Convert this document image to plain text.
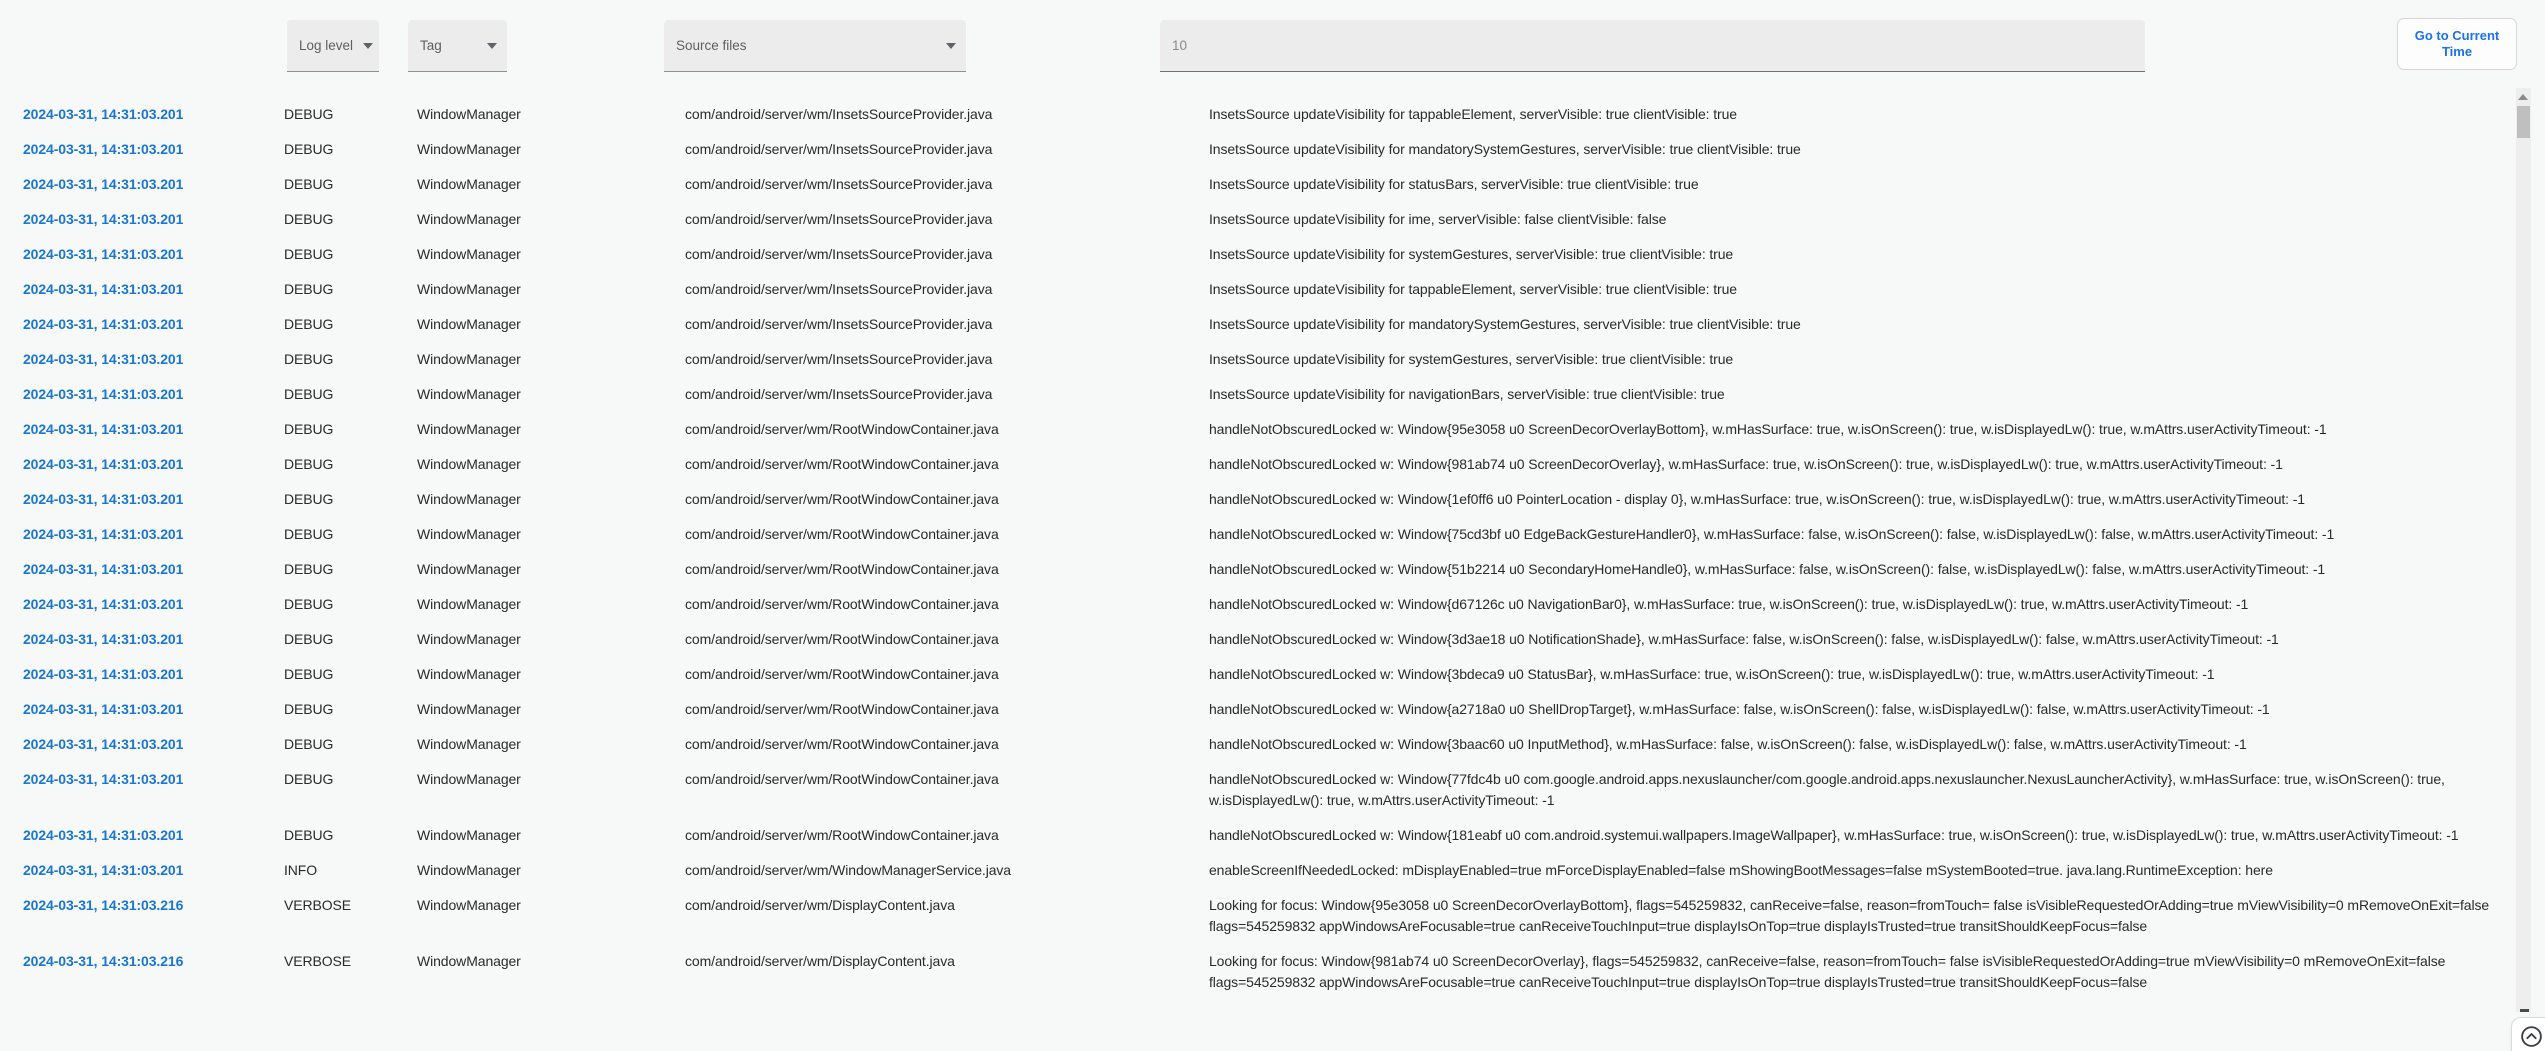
Log level	Tag	Source files
10
Go to Current Time
2024-03-31, 14:31:03.201	DEBUG	WindowManager	com/android/server/wm/InsetsSourceProvider.java	InsetsSource updateVisibility for tappableElement, serverVisible: true clientVisible: true
2024-03-31, 14:31:03.201	DEBUG	WindowManager	com/android/server/wm/InsetsSourceProvider.java	InsetsSource updateVisibility for mandatorySystemGestures, serverVisible: true clientVisible: true
2024-03-31, 14:31:03.201	DEBUG	WindowManager	com/android/server/wm/InsetsSourceProvider.java	InsetsSource updateVisibility for statusBars, serverVisible: true clientVisible: true
2024-03-31, 14:31:03.201	DEBUG	WindowManager	com/android/server/wm/InsetsSourceProvider.java	InsetsSource updateVisibility for ime, serverVisible: false clientVisible: false
2024-03-31, 14:31:03.201	DEBUG	WindowManager	com/android/server/wm/InsetsSourceProvider.java	InsetsSource updateVisibility for systemGestures, serverVisible: true clientVisible: true
2024-03-31, 14:31:03.201	DEBUG	WindowManager	com/android/server/wm/InsetsSourceProvider.java	InsetsSource updateVisibility for tappableElement, serverVisible: true clientVisible: true
2024-03-31, 14:31:03.201	DEBUG	WindowManager	com/android/server/wm/InsetsSourceProvider.java	InsetsSource updateVisibility for mandatorySystemGestures, serverVisible: true clientVisible: true
2024-03-31, 14:31:03.201	DEBUG	WindowManager	com/android/server/wm/InsetsSourceProvider.java	InsetsSource updateVisibility for systemGestures, serverVisible: true clientVisible: true
2024-03-31, 14:31:03.201	DEBUG	WindowManager	com/android/server/wm/InsetsSourceProvider.java	InsetsSource updateVisibility for navigationBars, serverVisible: true clientVisible: true
2024-03-31, 14:31:03.201	DEBUG	WindowManager	com/android/server/wm/RootWindowContainer.java	handleNotObscuredLocked w: Window{95e3058 u0 ScreenDecorOverlayBottom}, w.mHasSurface: true, w.isOnScreen(): true, w.isDisplayedLw(): true, w.mAttrs.userActivityTimeout: -1
2024-03-31, 14:31:03.201	DEBUG	WindowManager	com/android/server/wm/RootWindowContainer.java	handleNotObscuredLocked w: Window{981ab74 u0 ScreenDecorOverlay}, w.mHasSurface: true, w.isOnScreen(): true, w.isDisplayedLw(): true, w.mAttrs.userActivityTimeout: -1
2024-03-31, 14:31:03.201	DEBUG	WindowManager	com/android/server/wm/RootWindowContainer.java	handleNotObscuredLocked w: Window{1ef0ff6 u0 PointerLocation - display 0}, w.mHasSurface: true, w.isOnScreen(): true, w.isDisplayedLw(): true, w.mAttrs.userActivityTimeout: -1
2024-03-31, 14:31:03.201	DEBUG	WindowManager	com/android/server/wm/RootWindowContainer.java	handleNotObscuredLocked w: Window{75cd3bf u0 EdgeBackGestureHandler0}, w.mHasSurface: false, w.isOnScreen(): false, w.isDisplayedLw(): false, w.mAttrs.userActivityTimeout: -1
2024-03-31, 14:31:03.201	DEBUG	WindowManager	com/android/server/wm/RootWindowContainer.java	handleNotObscuredLocked w: Window{51b2214 u0 SecondaryHomeHandle0}, w.mHasSurface: false, w.isOnScreen(): false, w.isDisplayedLw(): false, w.mAttrs.userActivityTimeout: -1
2024-03-31, 14:31:03.201	DEBUG	WindowManager	com/android/server/wm/RootWindowContainer.java	handleNotObscuredLocked w: Window{d67126c u0 NavigationBar0}, w.mHasSurface: true, w.isOnScreen(): true, w.isDisplayedLw(): true, w.mAttrs.userActivityTimeout: -1
2024-03-31, 14:31:03.201	DEBUG	WindowManager	com/android/server/wm/RootWindowContainer.java	handleNotObscuredLocked w: Window{3d3ae18 u0 NotificationShade}, w.mHasSurface: false, w.isOnScreen(): false, w.isDisplayedLw(): false, w.mAttrs.userActivityTimeout: -1
2024-03-31, 14:31:03.201	DEBUG	WindowManager	com/android/server/wm/RootWindowContainer.java	handleNotObscuredLocked w: Window{3bdeca9 u0 StatusBar}, w.mHasSurface: true, w.isOnScreen(): true, w.isDisplayedLw(): true, w.mAttrs.userActivityTimeout: -1
2024-03-31, 14:31:03.201	DEBUG	WindowManager	com/android/server/wm/RootWindowContainer.java	handleNotObscuredLocked w: Window{a2718a0 u0 ShellDropTarget}, w.mHasSurface: false, w.isOnScreen(): false, w.isDisplayedLw(): false, w.mAttrs.userActivityTimeout: -1
2024-03-31, 14:31:03.201	DEBUG	WindowManager	com/android/server/wm/RootWindowContainer.java	handleNotObscuredLocked w: Window{3baac60 u0 InputMethod}, w.mHasSurface: false, w.isOnScreen(): false, w.isDisplayedLw(): false, w.mAttrs.userActivityTimeout: -1
2024-03-31, 14:31:03.201	DEBUG	WindowManager	com/android/server/wm/RootWindowContainer.java	handleNotObscuredLocked w: Window{77fdc4b u0 com.google.android.apps.nexuslauncher/com.google.android.apps.nexuslauncher.NexusLauncherActivity}, w.mHasSurface: true, w.isOnScreen(): true, w.isDisplayedLw(): true, w.mAttrs.userActivityTimeout: -1
2024-03-31, 14:31:03.201	DEBUG	WindowManager	com/android/server/wm/RootWindowContainer.java	handleNotObscuredLocked w: Window{181eabf u0 com.android.systemui.wallpapers.ImageWallpaper}, w.mHasSurface: true, w.isOnScreen(): true, w.isDisplayedLw(): true, w.mAttrs.userActivityTimeout: -1
2024-03-31, 14:31:03.201	INFO	WindowManager	com/android/server/wm/WindowManagerService.java	enableScreenIfNeededLocked: mDisplayEnabled=true mForceDisplayEnabled=false mShowingBootMessages=false mSystemBooted=true. java.lang.RuntimeException: here
2024-03-31, 14:31:03.216	VERBOSE	WindowManager	com/android/server/wm/DisplayContent.java	Looking for focus: Window{95e3058 u0 ScreenDecorOverlayBottom}, flags=545259832, canReceive=false, reason=fromTouch= false isVisibleRequestedOrAdding=true mViewVisibility=0 mRemoveOnExit=false flags=545259832 appWindowsAreFocusable=true canReceiveTouchInput=true displayIsOnTop=true displayIsTrusted=true transitShouldKeepFocus=false
2024-03-31, 14:31:03.216	VERBOSE	WindowManager	com/android/server/wm/DisplayContent.java	Looking for focus: Window{981ab74 u0 ScreenDecorOverlay}, flags=545259832, canReceive=false, reason=fromTouch= false isVisibleRequestedOrAdding=true mViewVisibility=0 mRemoveOnExit=false flags=545259832 appWindowsAreFocusable=true canReceiveTouchInput=true displayIsOnTop=true displayIsTrusted=true transitShouldKeepFocus=false
